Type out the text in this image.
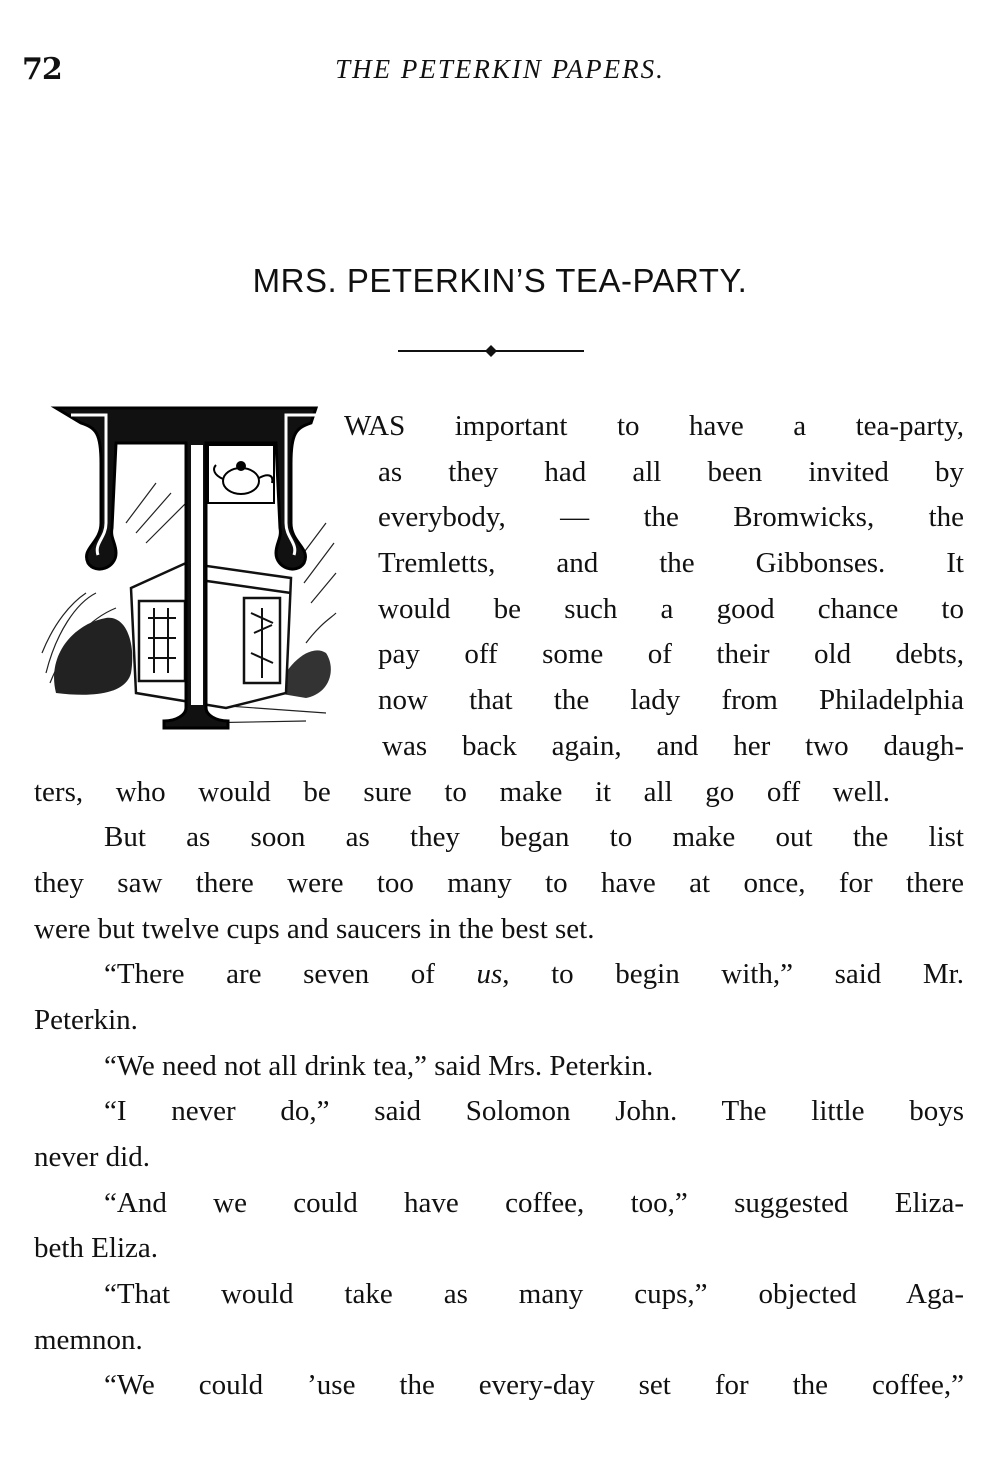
72	THE PETERKIN PAPERS.
MRS. PETERKIN’S TEA-PARTY.
WAS important to have a tea-party,
as they had all been invited by
everybody, — the Bromwicks, the
Tremletts, and the Gibbonses. It
would be such a good chance to
pay off some of their old debts,
now that the lady from Philadelphia
was back again, and her two daugh-
ters, who would be sure to make it all go off well.
But as soon as they began to make out the list
they saw there were too many to have at once, for there
were but twelve cups and saucers in the best set.
“There are seven of us, to begin with,” said Mr.
Peterkin.
“We need not all drink tea,” said Mrs. Peterkin.
“I never do,” said Solomon John. The little boys
never did.
“And we could have coffee, too,” suggested Eliza-
beth Eliza.
“That would take as many cups,” objected Aga-
memnon.
“We could ’use the every-day set for the coffee,”
